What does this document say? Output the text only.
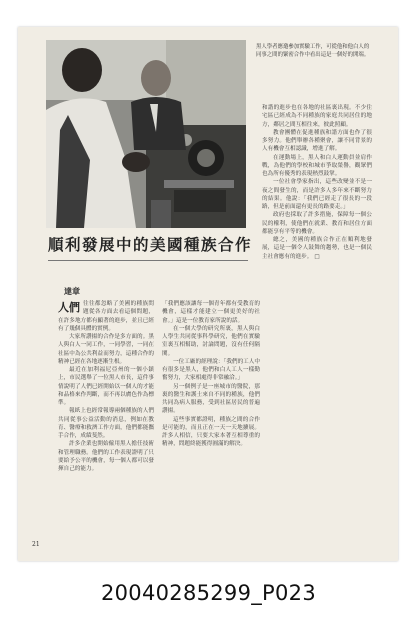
黑人學者應邀參加實驗工作，可從他和他白人的同事之間的緊密合作中看出這是一個好的開端。
順利發展中的美國種族合作
達章

人們 往往都忽略了美國的種族問題從各方面去看這個問題，在許多地方都有顯著的進步，並且已經有了幾個具體的實例。

大家所讚揚的合作是多方面的。黑人與白人一同工作，一同學習，一同在社區中為公共利益而努力，這種合作的精神已經在各地逐漸生根。

最近在加利福尼亞州的一個小鎮上，市民選舉了一位黑人市長，這件事情說明了人們已經開始以一個人的才能和品格來作判斷，而不再以膚色作為標準。

報紙上也經常報導兩個種族的人們共同從事公益活動的消息，例如在教育、醫療和救濟工作方面，他們都能攜手合作，成績斐然。

許多企業也開始僱用黑人擔任技術和管理職務。他們的工作表現證明了只要給予公平的機會，每一個人都可以發揮自己的能力。

「我們應該讓每一個青年都有受教育的機會，這樣才能建立一個更美好的社會。」這是一位教育家所說的話。

在一個大學的研究所裏，黑人與白人學生共同從事科學研究，他們在實驗室裏互相幫助，討論問題，沒有任何隔閡。

一位工廠的經理說：「我們的工人中有很多是黑人，他們和白人工人一樣勤奮努力，大家相處得非常融洽。」

另一個例子是一座城市的醫院，那裏的醫生和護士來自不同的種族，他們共同為病人服務，受到社區居民的普遍讚揚。

這些事實都證明，種族之間的合作是可能的，而且正在一天一天地擴展。許多人相信，只要大家本著互相尊重的精神，問題終能獲得圓滿的解決。

和諧的進步也在各地的社區裏出現。不少住宅區已經成為不同種族的家庭共同居住的地方，鄰居之間互相往來，彼此照顧。

教會團體在促進種族和諧方面也作了很多努力。他們舉辦各種聚會，讓不同背景的人有機會互相認識，增進了解。

在運動場上，黑人和白人運動員並肩作戰，為他們的學校和城市爭取榮譽，觀眾們也為所有優秀的表現熱烈鼓掌。

一位社會學家指出，這些改變並不是一夜之間發生的，而是許多人多年來不斷努力的結果。他說：「我們已經走了很長的一段路，但是前面還有更長的路要走。」

政府也採取了許多措施，保障每一個公民的權利，使他們在就業、教育和居住方面都能享有平等的機會。

總之，美國的種族合作正在順利地發展，這是一個令人鼓舞的趨勢，也是一個民主社會應有的進步。 □

21
20040285299_P023
